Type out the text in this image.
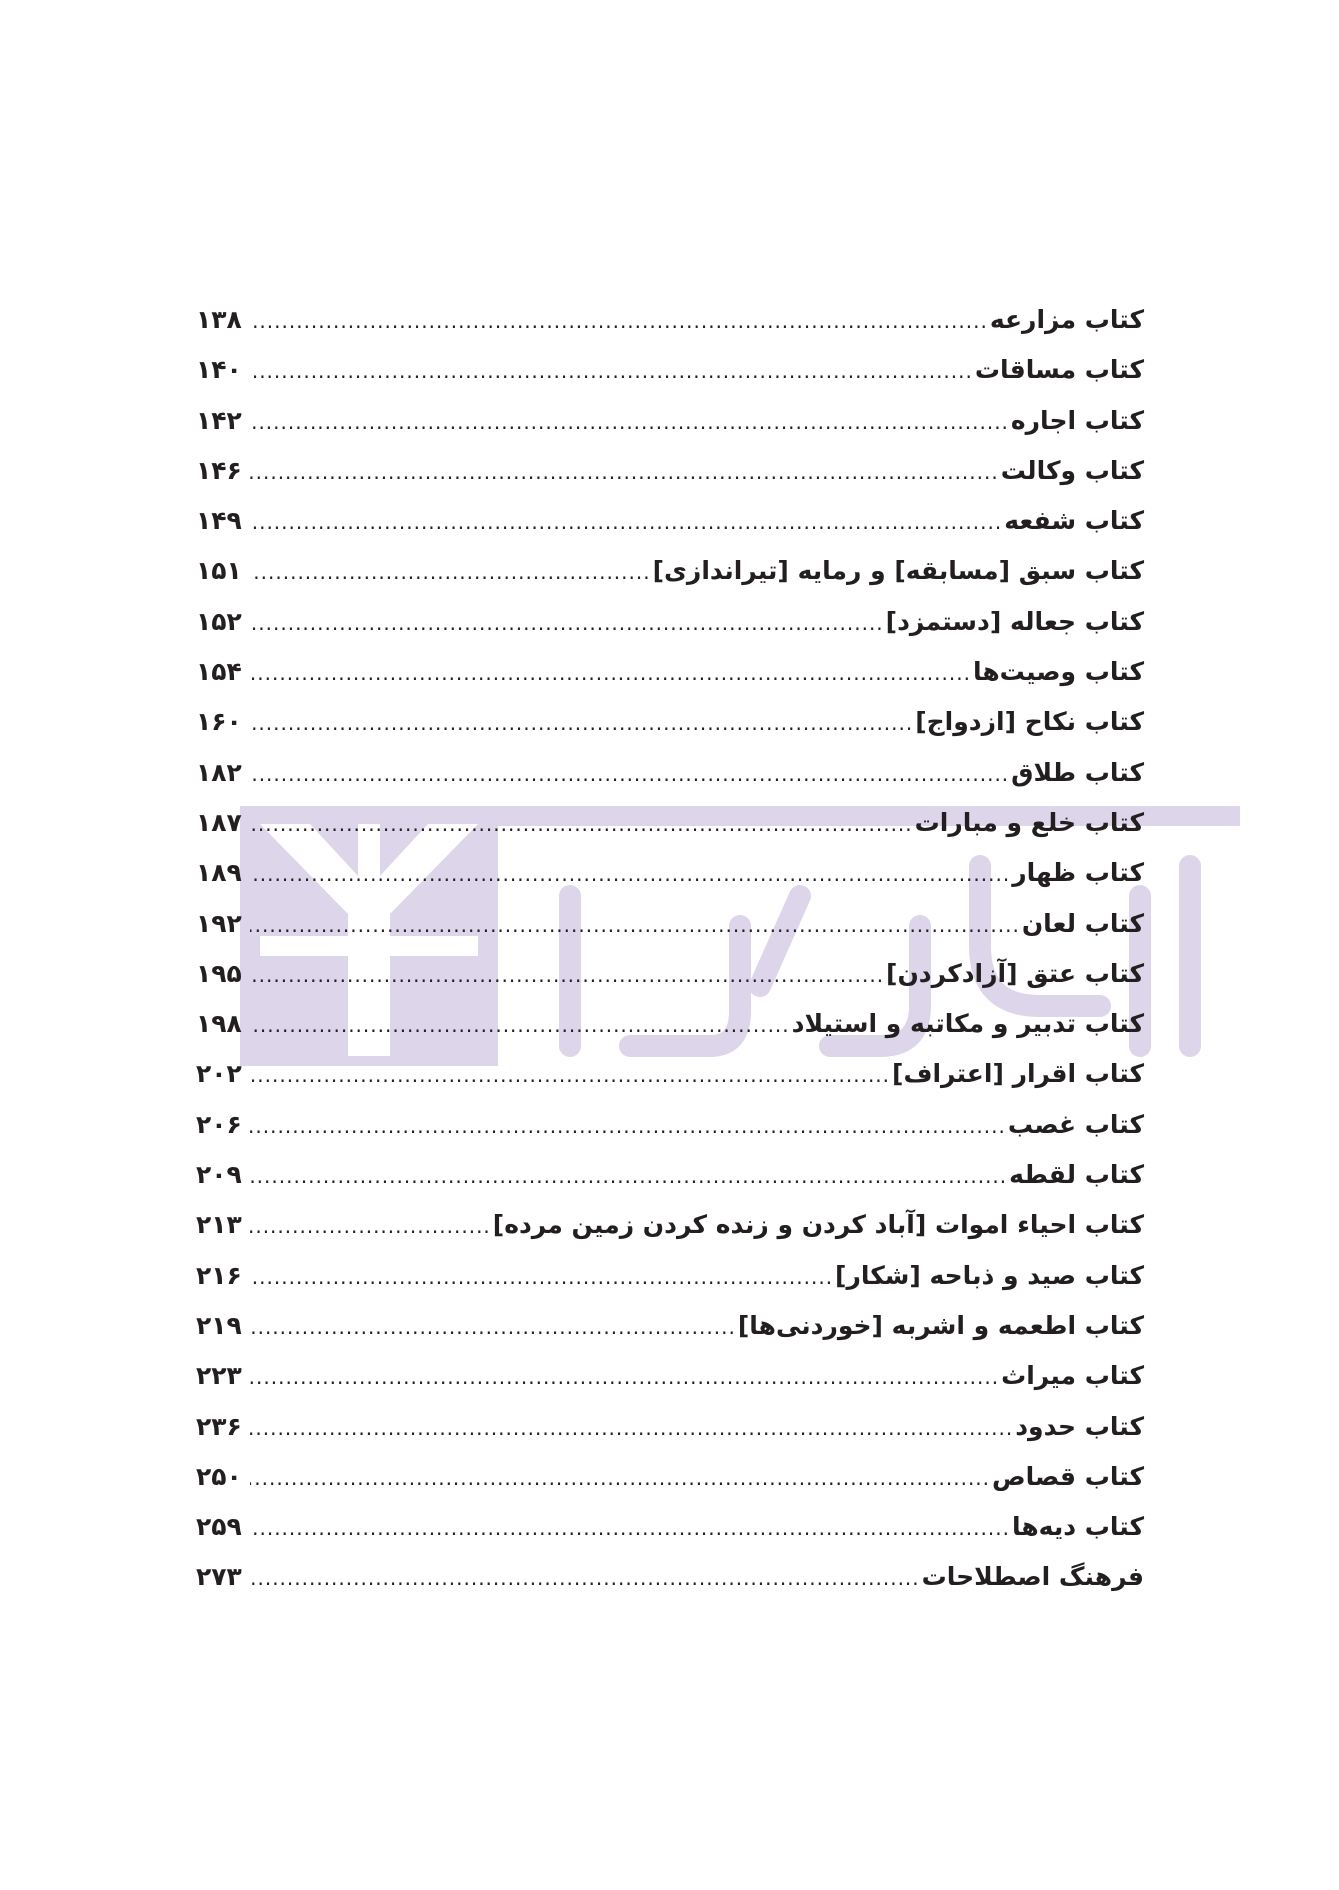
کتاب مزارعه
.....
۱۳۸
کتاب مساقات
.....
۱۴۰
کتاب اجاره
.....
۱۴۲
کتاب وکالت
.....
۱۴۶
کتاب شفعه
.....
۱۴۹
کتاب سبق [مسابقه] و رمایه [تیراندازی]
.....
۱۵۱
کتاب جعاله [دستمزد]
.....
۱۵۲
کتاب وصیت‌ها
.....
۱۵۴
کتاب نکاح [ازدواج]
.....
۱۶۰
کتاب طلاق
.....
۱۸۲
کتاب خلع و مبارات
.....
۱۸۷
کتاب ظهار
.....
۱۸۹
کتاب لعان
.....
۱۹۲
کتاب عتق [آزادکردن]
.....
۱۹۵
کتاب تدبیر و مکاتبه و استیلاد
.....
۱۹۸
کتاب اقرار [اعتراف]
.....
۲۰۲
کتاب غصب
.....
۲۰۶
کتاب لقطه
.....
۲۰۹
کتاب احیاء اموات [آباد کردن و زنده کردن زمین مرده]
.....
۲۱۳
کتاب صید و ذباحه [شکار]
.....
۲۱۶
کتاب اطعمه و اشربه [خوردنی‌ها]
.....
۲۱۹
کتاب میراث
.....
۲۲۳
کتاب حدود
.....
۲۳۶
کتاب قصاص
.....
۲۵۰
کتاب دیه‌ها
.....
۲۵۹
فرهنگ اصطلاحات
.....
۲۷۳
